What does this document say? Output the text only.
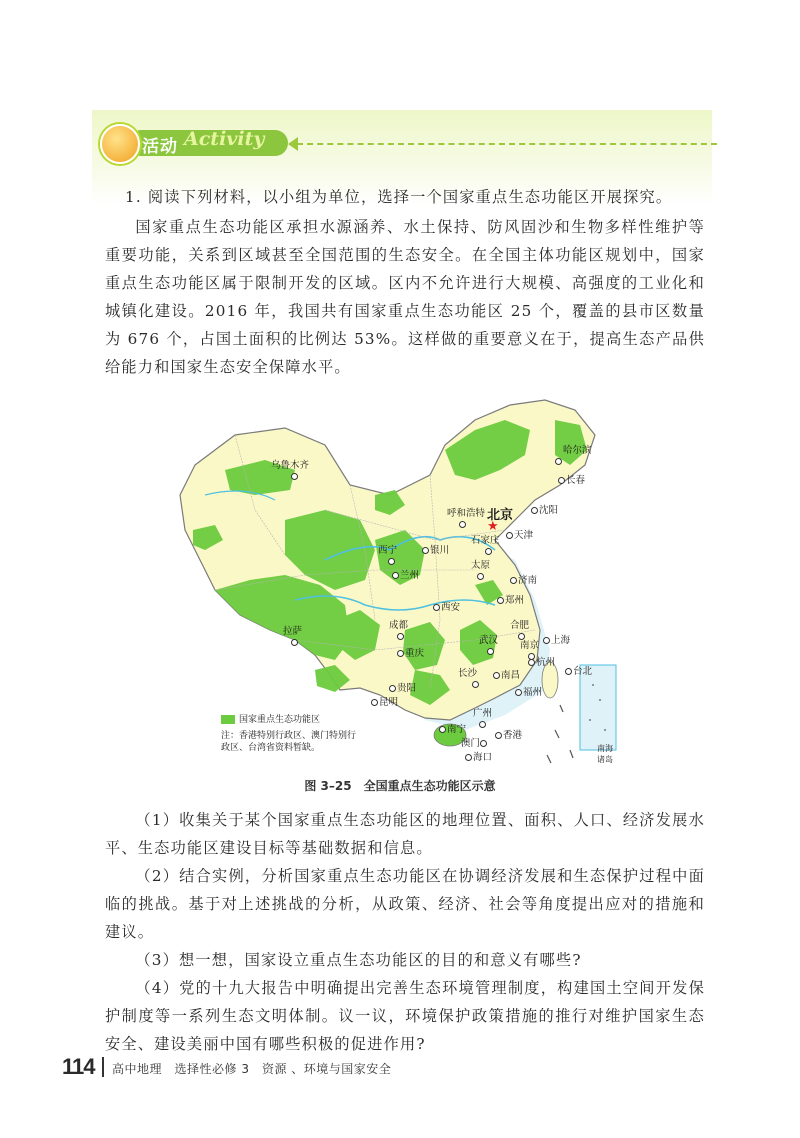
活动 Activity
1. 阅读下列材料，以小组为单位，选择一个国家重点生态功能区开展探究。
国家重点生态功能区承担水源涵养、水土保持、防风固沙和生物多样性维护等重要功能，关系到区域甚至全国范围的生态安全。在全国主体功能区规划中，国家重点生态功能区属于限制开发的区域。区内不允许进行大规模、高强度的工业化和城镇化建设。2016 年，我国共有国家重点生态功能区 25 个，覆盖的县市区数量为 676 个，占国土面积的比例达 53%。这样做的重要意义在于，提高生态产品供给能力和国家生态安全保障水平。
乌鲁木齐

哈尔滨

长春
沈阳
呼和浩特 北京
★
天津
石家庄

银川
太原

西宁

兰州	济南
郑州
西安
拉萨

成都	合肥

武汉	上海
南京

杭州
重庆
长沙	南昌
贵阳	福州
台北
昆明
广州

南宁
澳门
香港
海口
国家重点生态功能区
注：香港特别行政区、澳门特别行政区、台湾省资料暂缺。	南海诸岛
图 3–25　全国重点生态功能区示意
（1）收集关于某个国家重点生态功能区的地理位置、面积、人口、经济发展水平、生态功能区建设目标等基础数据和信息。
（2）结合实例，分析国家重点生态功能区在协调经济发展和生态保护过程中面临的挑战。基于对上述挑战的分析，从政策、经济、社会等角度提出应对的措施和建议。
（3）想一想，国家设立重点生态功能区的目的和意义有哪些?
（4）党的十九大报告中明确提出完善生态环境管理制度，构建国土空间开发保护制度等一系列生态文明体制。议一议，环境保护政策措施的推行对维护国家生态安全、建设美丽中国有哪些积极的促进作用?
114 高中地理　选择性必修 3　资源 、环境与国家安全
